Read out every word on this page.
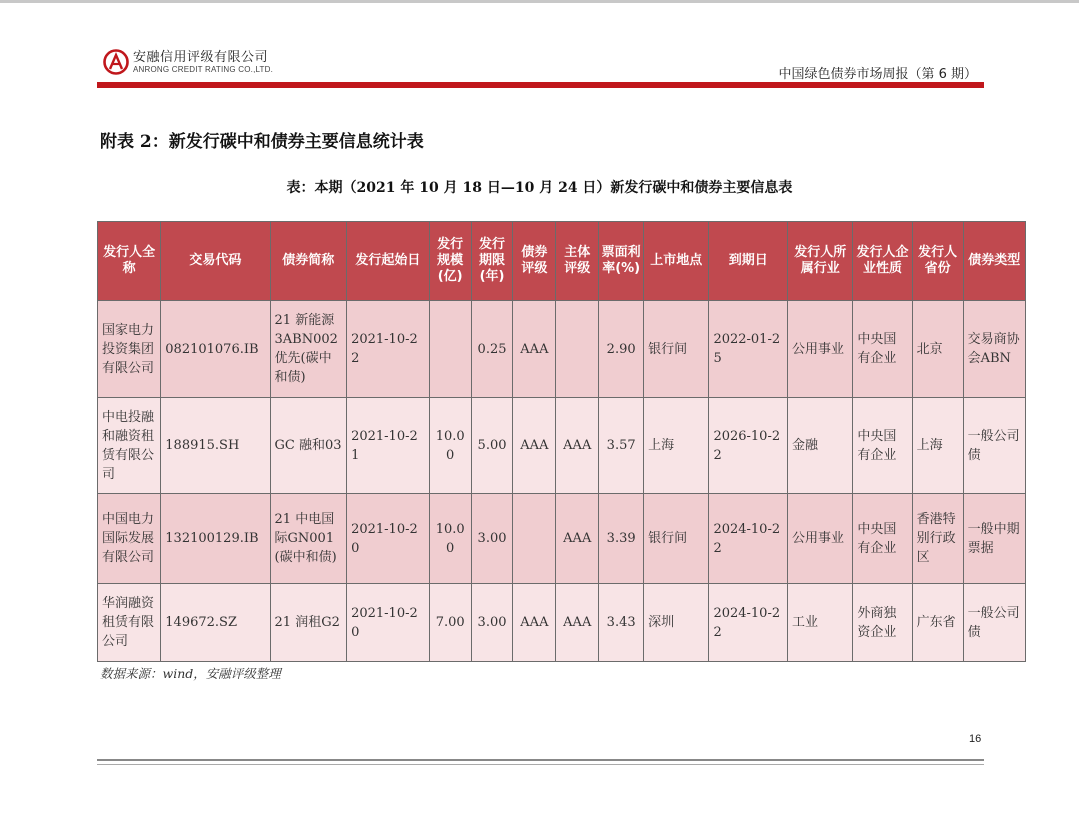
安融信用评级有限公司
ANRONG CREDIT RATING CO.,LTD.	中国绿色债券市场周报（第 6 期）
附表 2：新发行碳中和债券主要信息统计表
表：本期（2021 年 10 月 18 日—10 月 24 日）新发行碳中和债券主要信息表
发行人全称	交易代码	债券简称	发行起始日	发行规模(亿)	发行期限(年)	债券评级	主体评级	票面利率(%)	上市地点	到期日	发行人所属行业	发行人企业性质	发行人省份	债券类型
国家电力投资集团有限公司	082101076.IB	21 新能源3ABN002优先(碳中和债)	2021-10-22		0.25	AAA		2.90	银行间	2022-01-25	公用事业	中央国有企业	北京	交易商协会ABN
中电投融和融资租赁有限公司	188915.SH	GC 融和03	2021-10-21	10.00	5.00	AAA	AAA	3.57	上海	2026-10-22	金融	中央国有企业	上海	一般公司债
中国电力国际发展有限公司	132100129.IB	21 中电国际GN001(碳中和债)	2021-10-20	10.00	3.00		AAA	3.39	银行间	2024-10-22	公用事业	中央国有企业	香港特别行政区	一般中期票据
华润融资租赁有限公司	149672.SZ	21 润租G2	2021-10-20	7.00	3.00	AAA	AAA	3.43	深圳	2024-10-22	工业	外商独资企业	广东省	一般公司债
数据来源：wind，安融评级整理
16
